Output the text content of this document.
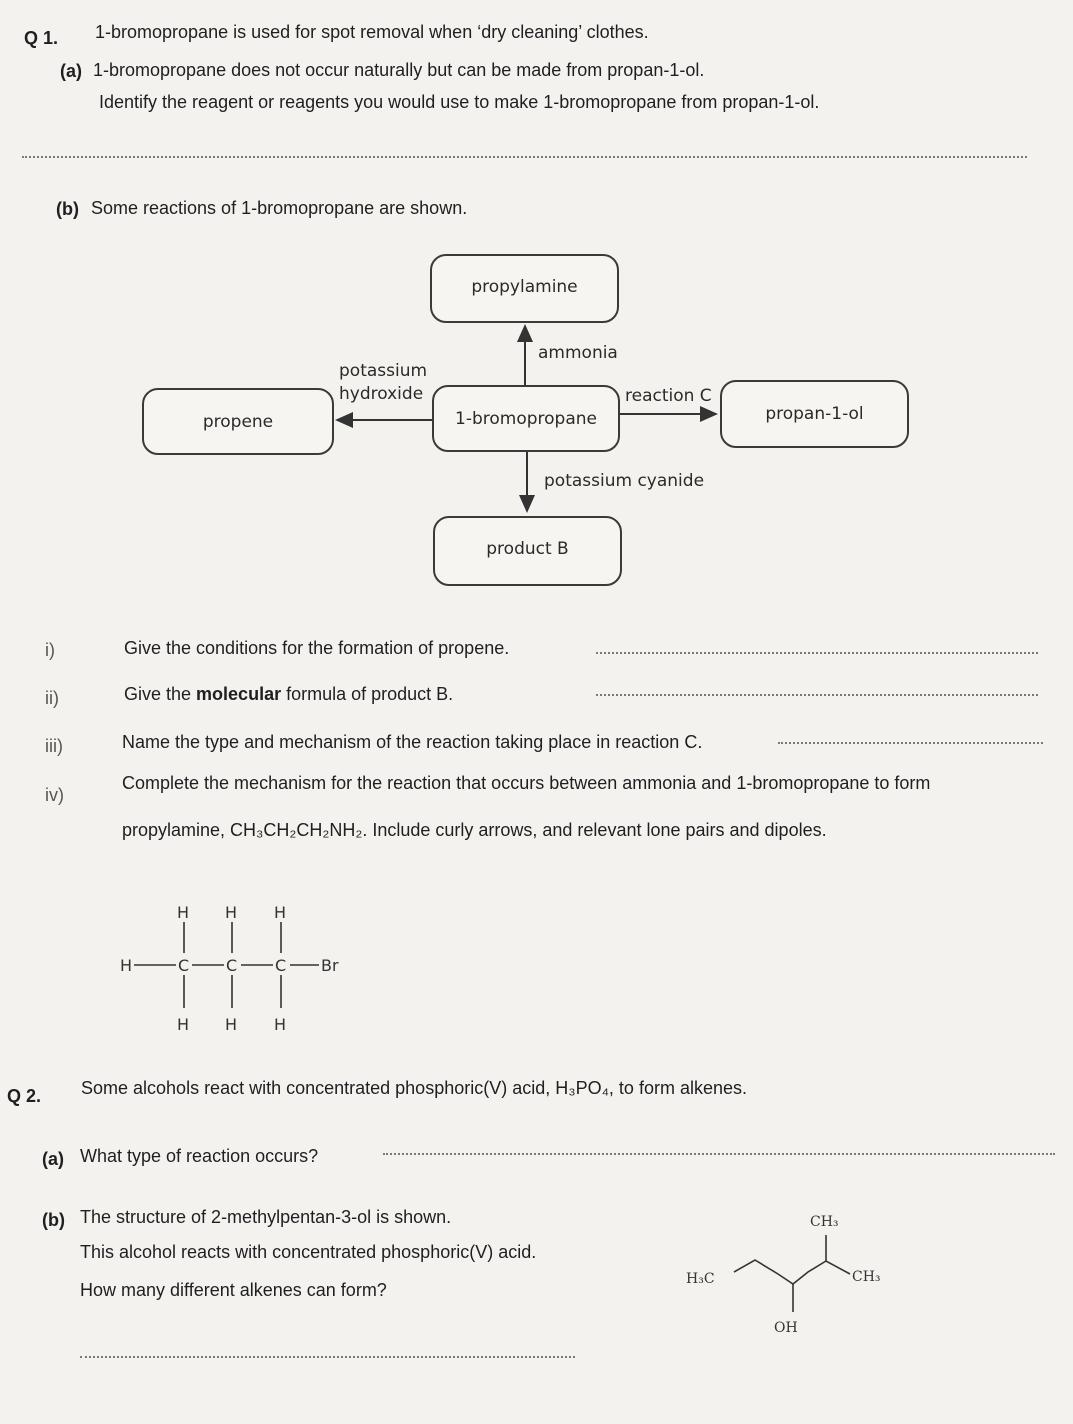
Q 1. 1-bromopropane is used for spot removal when ‘dry cleaning’ clothes.
(a) 1-bromopropane does not occur naturally but can be made from propan-1-ol.
Identify the reagent or reagents you would use to make 1-bromopropane from propan-1-ol.
(b) Some reactions of 1-bromopropane are shown.
propylamine
ammonia
potassium
hydroxide	reaction C
propene	1-bromopropane	propan-1-ol
potassium cyanide
product B
i)	Give the conditions for the formation of propene.
ii)	Give the molecular formula of product B.
iii)	Name the type and mechanism of the reaction taking place in reaction C.
iv)
Complete the mechanism for the reaction that occurs between ammonia and 1-bromopropane to form
propylamine, CH₃CH₂CH₂NH₂. Include curly arrows, and relevant lone pairs and dipoles.
H H H
H	C C C Br
H H H
Q 2. Some alcohols react with concentrated phosphoric(V) acid, H₃PO₄, to form alkenes.
(a) What type of reaction occurs?
(b) The structure of 2-methylpentan-3-ol is shown.
This alcohol reacts with concentrated phosphoric(V) acid.
How many different alkenes can form?
H₃C
CH₃
CH₃
OH
